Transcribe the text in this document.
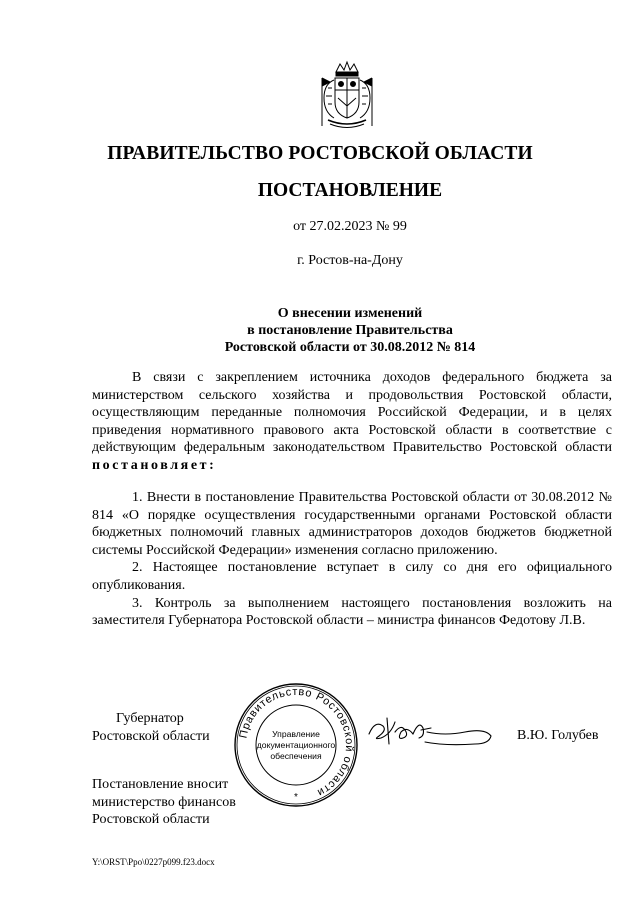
ПРАВИТЕЛЬСТВО РОСТОВСКОЙ ОБЛАСТИ
ПОСТАНОВЛЕНИЕ
от 27.02.2023 № 99
г. Ростов-на-Дону
О внесении изменений
в постановление Правительства
Ростовской области от 30.08.2012 № 814
В связи с закреплением источника доходов федерального бюджета за министерством сельского хозяйства и продовольствия Ростовской области, осуществляющим переданные полномочия Российской Федерации, и в целях приведения нормативного правового акта Ростовской области в соответствие с действующим федеральным законодательством Правительство Ростовской области постановляет:

1. Внести в постановление Правительства Ростовской области от 30.08.2012 № 814 «О порядке осуществления государственными органами Ростовской области бюджетных полномочий главных администраторов доходов бюджетов бюджетной системы Российской Федерации» изменения согласно приложению.

2. Настоящее постановление вступает в силу со дня его официального опубликования.

3. Контроль за выполнением настоящего постановления возложить на заместителя Губернатора Ростовской области – министра финансов Федотову Л.В.

Губернатор
Ростовской области	Правительство Ростовской области
Управление
документационного
обеспечения
*
В.Ю. Голубев
Постановление вносит
министерство финансов
Ростовской области
Y:\ORST\Ppo\0227p099.f23.docx
